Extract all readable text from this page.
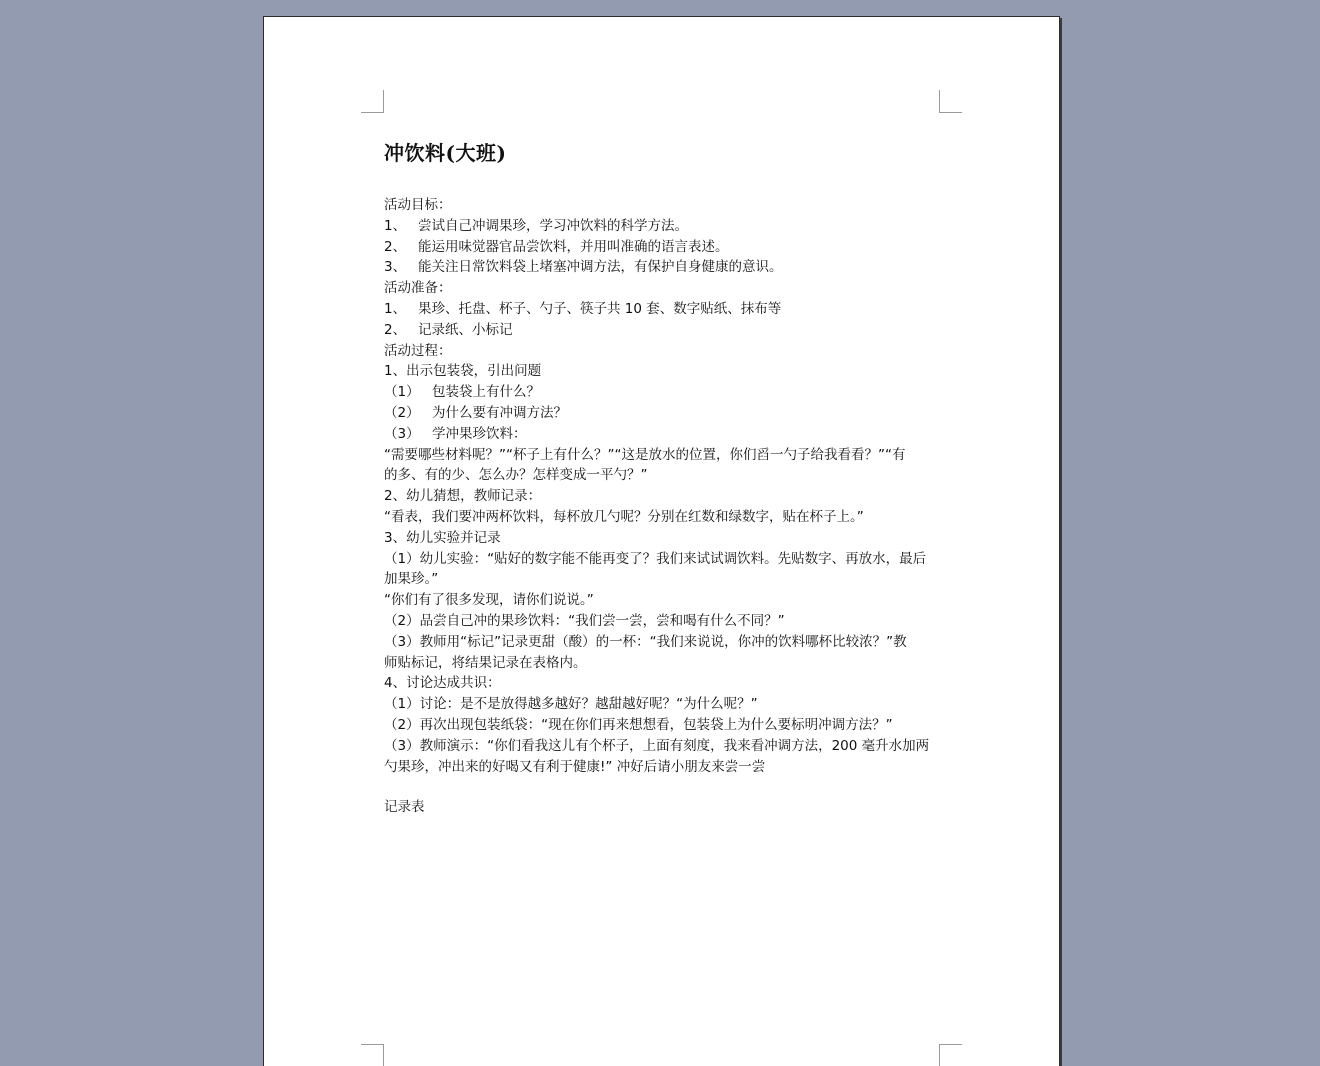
冲饮料(大班)
活动目标：
1、 尝试自己冲调果珍，学习冲饮料的科学方法。
2、 能运用味觉器官品尝饮料，并用叫准确的语言表述。
3、 能关注日常饮料袋上堵塞冲调方法，有保护自身健康的意识。
活动准备：
1、 果珍、托盘、杯子、勺子、筷子共 10 套、数字贴纸、抹布等
2、 记录纸、小标记
活动过程：
1、出示包装袋，引出问题
（1） 包装袋上有什么？
（2） 为什么要有冲调方法？
（3） 学冲果珍饮料：
“需要哪些材料呢？”“杯子上有什么？”“这是放水的位置，你们舀一勺子给我看看？”“有
的多、有的少、怎么办？怎样变成一平勺？”
2、幼儿猜想，教师记录：
“看表，我们要冲两杯饮料，每杯放几勺呢？分别在红数和绿数字，贴在杯子上。”
3、幼儿实验并记录
（1）幼儿实验：“贴好的数字能不能再变了？我们来试试调饮料。先贴数字、再放水，最后
加果珍。”
“你们有了很多发现，请你们说说。”
（2）品尝自己冲的果珍饮料：“我们尝一尝，尝和喝有什么不同？”
（3）教师用“标记”记录更甜（酸）的一杯：“我们来说说，你冲的饮料哪杯比较浓？”教
师贴标记，将结果记录在表格内。
4、讨论达成共识：
（1）讨论：是不是放得越多越好？越甜越好呢？“为什么呢？”
（2）再次出现包装纸袋：“现在你们再来想想看，包装袋上为什么要标明冲调方法？”
（3）教师演示：“你们看我这儿有个杯子，上面有刻度，我来看冲调方法，200 毫升水加两
勺果珍，冲出来的好喝又有利于健康!” 冲好后请小朋友来尝一尝
记录表
